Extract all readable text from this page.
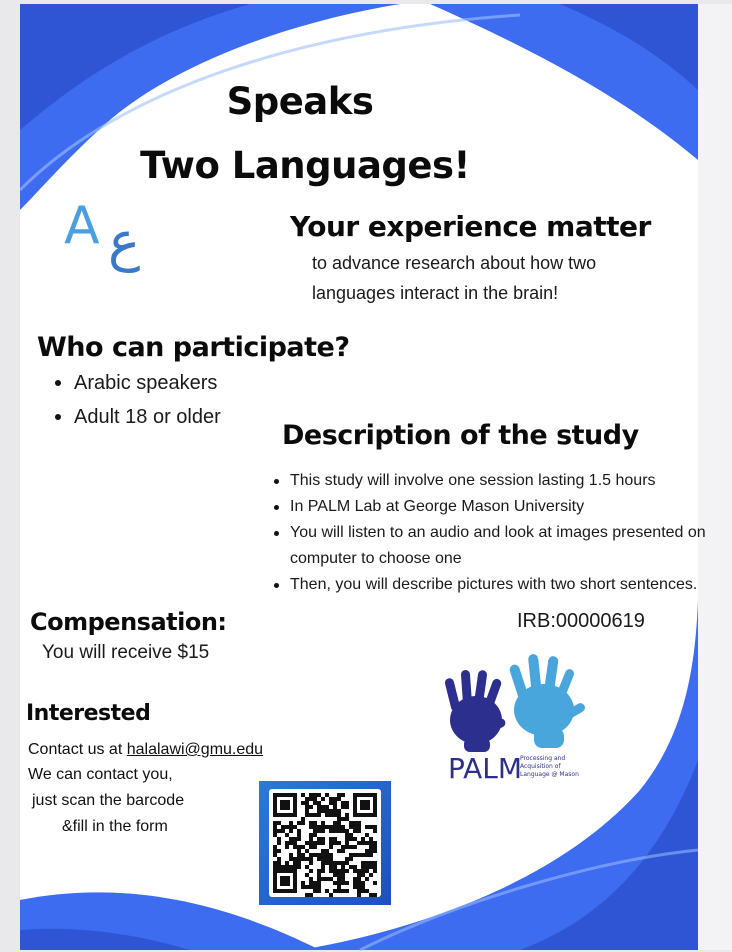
Speaks
Two Languages!
A ع	Your experience matter
to advance research about how two
languages interact in the brain!
Who can participate?
Arabic speakers
Adult 18 or older
Description of the study
This study will involve one session lasting 1.5 hours
In PALM Lab at George Mason University
You will listen to an audio and look at images presented on computer to choose one
Then, you will describe pictures with two short sentences.
IRB:00000619
Compensation:
You will receive $15
Interested
Contact us at halalawi@gmu.edu
We can contact you,
just scan the barcode
&fill in the form
PALM
Processing and
Acquisition of
Language @ Mason
